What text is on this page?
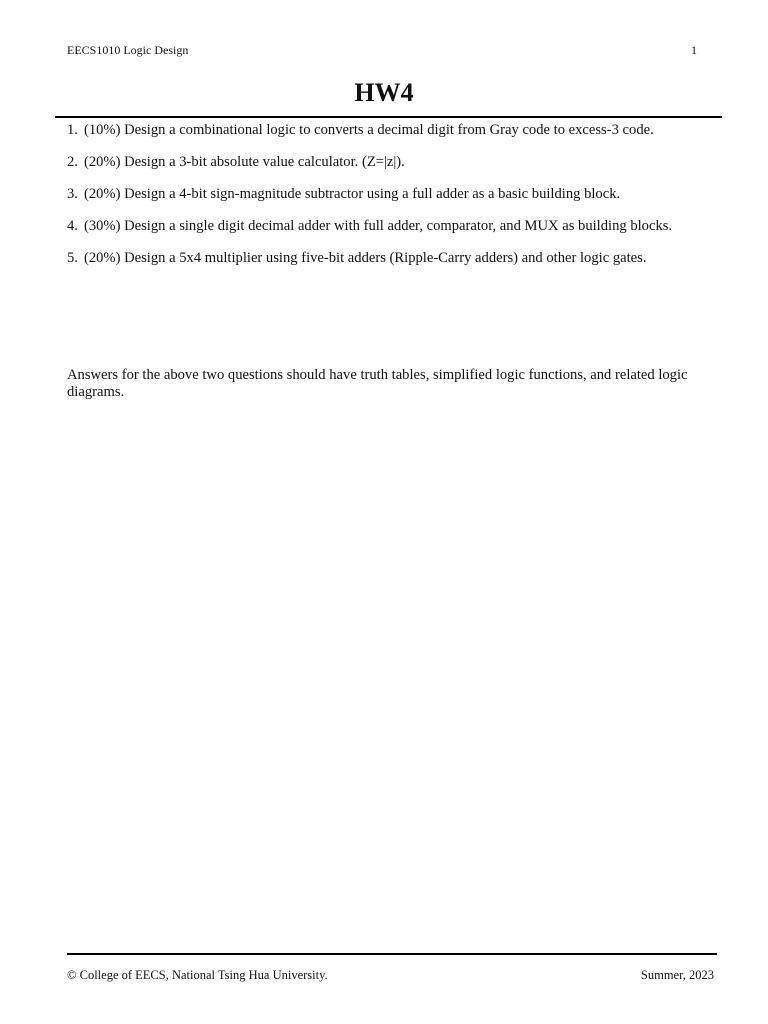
EECS1010 Logic Design	1
HW4
1. (10%) Design a combinational logic to converts a decimal digit from Gray code to excess-3 code.
2. (20%) Design a 3-bit absolute value calculator. (Z=|z|).
3. (20%) Design a 4-bit sign-magnitude subtractor using a full adder as a basic building block.
4. (30%) Design a single digit decimal adder with full adder, comparator, and MUX as building blocks.
5. (20%) Design a 5x4 multiplier using five-bit adders (Ripple-Carry adders) and other logic gates.
Answers for the above two questions should have truth tables, simplified logic functions, and related logic diagrams.
© College of EECS, National Tsing Hua University.	Summer, 2023
